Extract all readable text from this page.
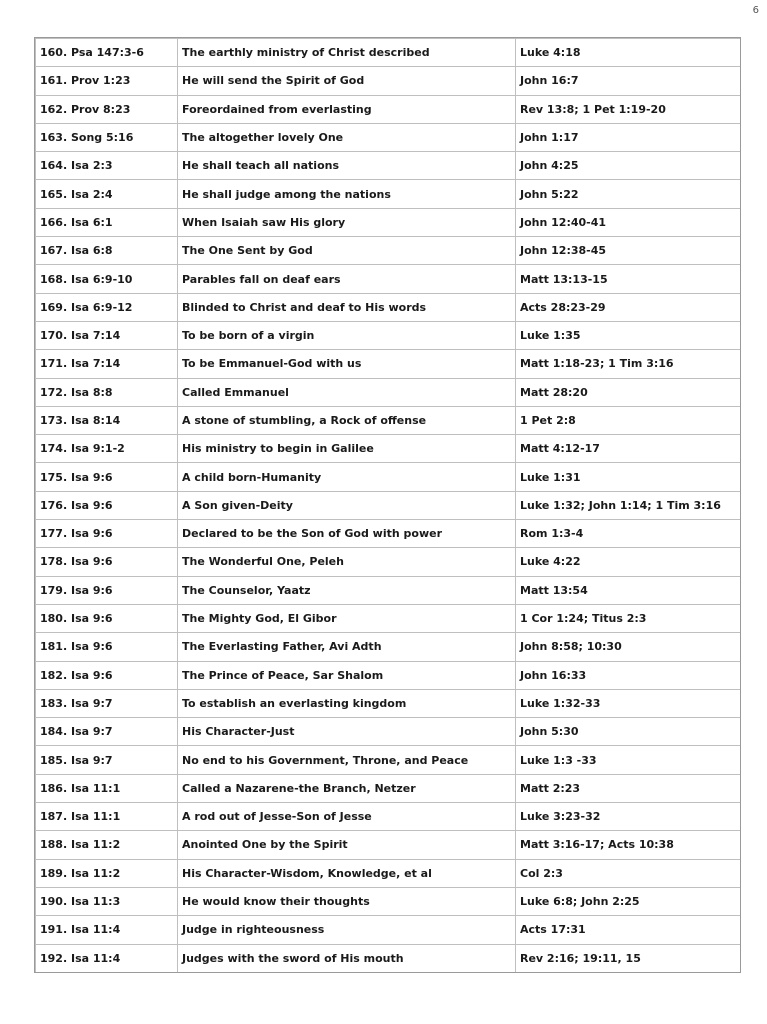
6
160. Psa 147:3-6	The earthly ministry of Christ described	Luke 4:18
161. Prov 1:23	He will send the Spirit of God	John 16:7
162. Prov 8:23	Foreordained from everlasting	Rev 13:8; 1 Pet 1:19-20
163. Song 5:16	The altogether lovely One	John 1:17
164. Isa 2:3	He shall teach all nations	John 4:25
165. Isa 2:4	He shall judge among the nations	John 5:22
166. Isa 6:1	When Isaiah saw His glory	John 12:40-41
167. Isa 6:8	The One Sent by God	John 12:38-45
168. Isa 6:9-10	Parables fall on deaf ears	Matt 13:13-15
169. Isa 6:9-12	Blinded to Christ and deaf to His words	Acts 28:23-29
170. Isa 7:14	To be born of a virgin	Luke 1:35
171. Isa 7:14	To be Emmanuel-God with us	Matt 1:18-23; 1 Tim 3:16
172. Isa 8:8	Called Emmanuel	Matt 28:20
173. Isa 8:14	A stone of stumbling, a Rock of offense	1 Pet 2:8
174. Isa 9:1-2	His ministry to begin in Galilee	Matt 4:12-17
175. Isa 9:6	A child born-Humanity	Luke 1:31
176. Isa 9:6	A Son given-Deity	Luke 1:32; John 1:14; 1 Tim 3:16
177. Isa 9:6	Declared to be the Son of God with power	Rom 1:3-4
178. Isa 9:6	The Wonderful One, Peleh	Luke 4:22
179. Isa 9:6	The Counselor, Yaatz	Matt 13:54
180. Isa 9:6	The Mighty God, El Gibor	1 Cor 1:24; Titus 2:3
181. Isa 9:6	The Everlasting Father, Avi Adth	John 8:58; 10:30
182. Isa 9:6	The Prince of Peace, Sar Shalom	John 16:33
183. Isa 9:7	To establish an everlasting kingdom	Luke 1:32-33
184. Isa 9:7	His Character-Just	John 5:30
185. Isa 9:7	No end to his Government, Throne, and Peace	Luke 1:3 -33
186. Isa 11:1	Called a Nazarene-the Branch, Netzer	Matt 2:23
187. Isa 11:1	A rod out of Jesse-Son of Jesse	Luke 3:23-32
188. Isa 11:2	Anointed One by the Spirit	Matt 3:16-17; Acts 10:38
189. Isa 11:2	His Character-Wisdom, Knowledge, et al	Col 2:3
190. Isa 11:3	He would know their thoughts	Luke 6:8; John 2:25
191. Isa 11:4	Judge in righteousness	Acts 17:31
192. Isa 11:4	Judges with the sword of His mouth	Rev 2:16; 19:11, 15
